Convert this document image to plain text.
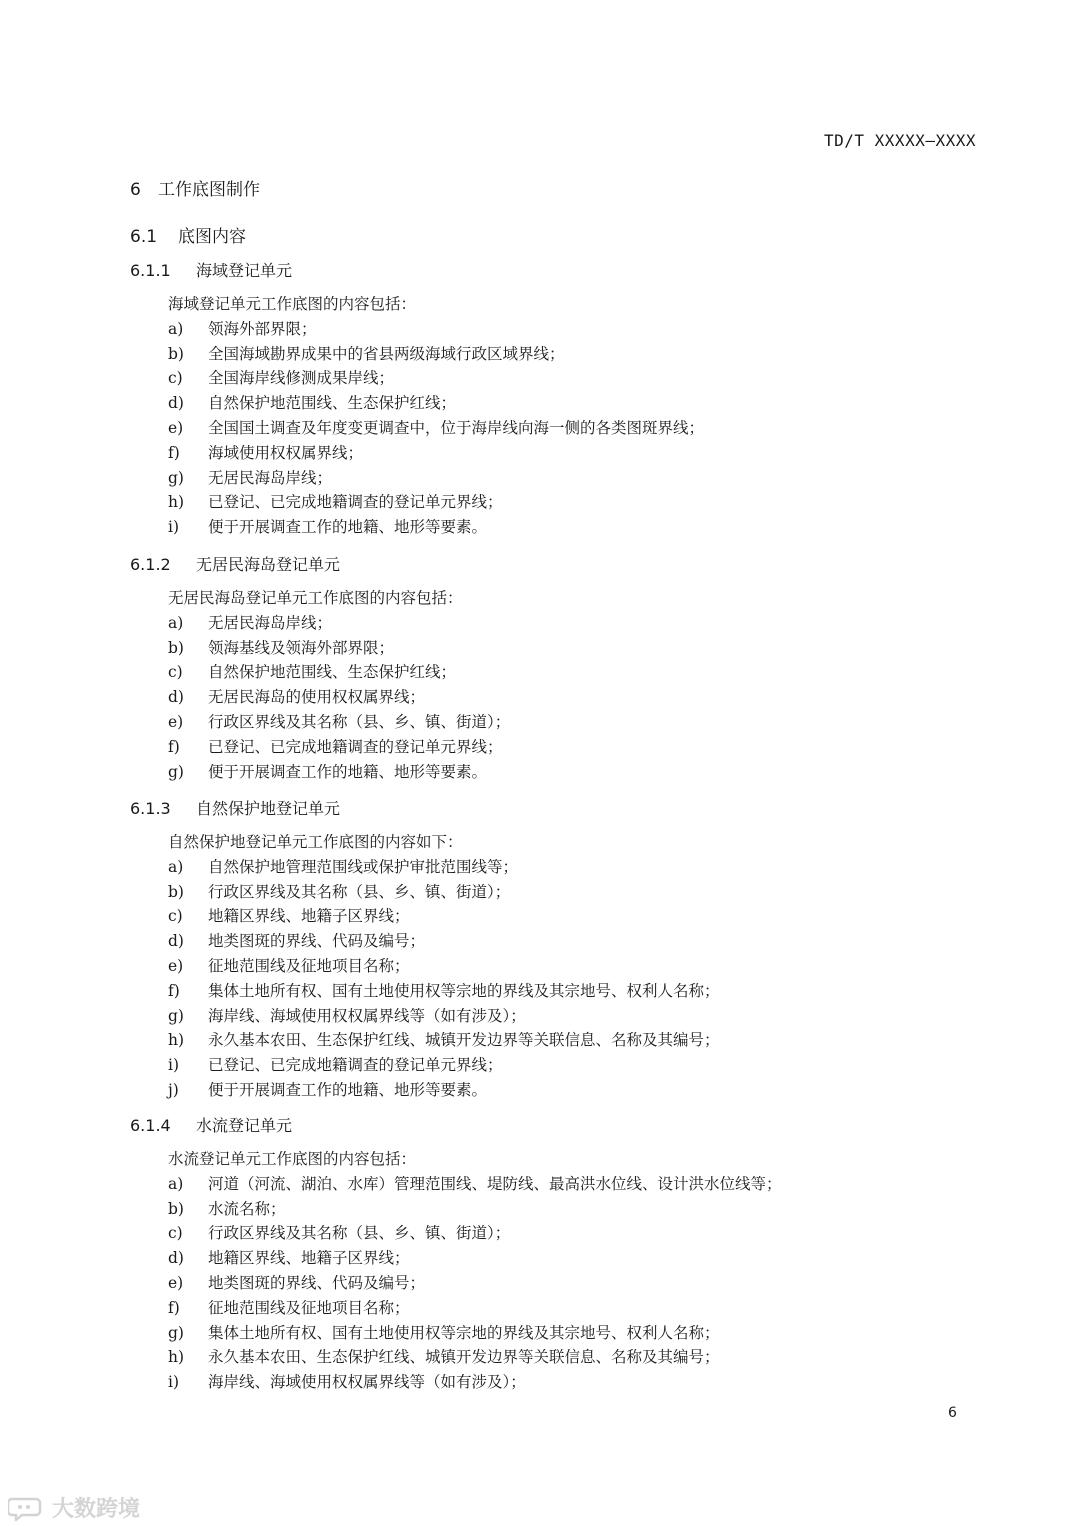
TD/T XXXXX—XXXX
6 工作底图制作
6.1 底图内容
6.1.1 海域登记单元
海域登记单元工作底图的内容包括：
a) 领海外部界限；
b) 全国海域勘界成果中的省县两级海域行政区域界线；
c) 全国海岸线修测成果岸线；
d) 自然保护地范围线、生态保护红线；
e) 全国国土调查及年度变更调查中，位于海岸线向海一侧的各类图斑界线；
f) 海域使用权权属界线；
g) 无居民海岛岸线；
h) 已登记、已完成地籍调查的登记单元界线；
i) 便于开展调查工作的地籍、地形等要素。
6.1.2 无居民海岛登记单元
无居民海岛登记单元工作底图的内容包括：
a) 无居民海岛岸线；
b) 领海基线及领海外部界限；
c) 自然保护地范围线、生态保护红线；
d) 无居民海岛的使用权权属界线；
e) 行政区界线及其名称（县、乡、镇、街道）；
f) 已登记、已完成地籍调查的登记单元界线；
g) 便于开展调查工作的地籍、地形等要素。
6.1.3 自然保护地登记单元
自然保护地登记单元工作底图的内容如下：
a) 自然保护地管理范围线或保护审批范围线等；
b) 行政区界线及其名称（县、乡、镇、街道）；
c) 地籍区界线、地籍子区界线；
d) 地类图斑的界线、代码及编号；
e) 征地范围线及征地项目名称；
f) 集体土地所有权、国有土地使用权等宗地的界线及其宗地号、权利人名称；
g) 海岸线、海域使用权权属界线等（如有涉及）；
h) 永久基本农田、生态保护红线、城镇开发边界等关联信息、名称及其编号；
i) 已登记、已完成地籍调查的登记单元界线；
j) 便于开展调查工作的地籍、地形等要素。
6.1.4 水流登记单元
水流登记单元工作底图的内容包括：
a) 河道（河流、湖泊、水库）管理范围线、堤防线、最高洪水位线、设计洪水位线等；
b) 水流名称；
c) 行政区界线及其名称（县、乡、镇、街道）；
d) 地籍区界线、地籍子区界线；
e) 地类图斑的界线、代码及编号；
f) 征地范围线及征地项目名称；
g) 集体土地所有权、国有土地使用权等宗地的界线及其宗地号、权利人名称；
h) 永久基本农田、生态保护红线、城镇开发边界等关联信息、名称及其编号；
i) 海岸线、海域使用权权属界线等（如有涉及）；
6
大数跨境
